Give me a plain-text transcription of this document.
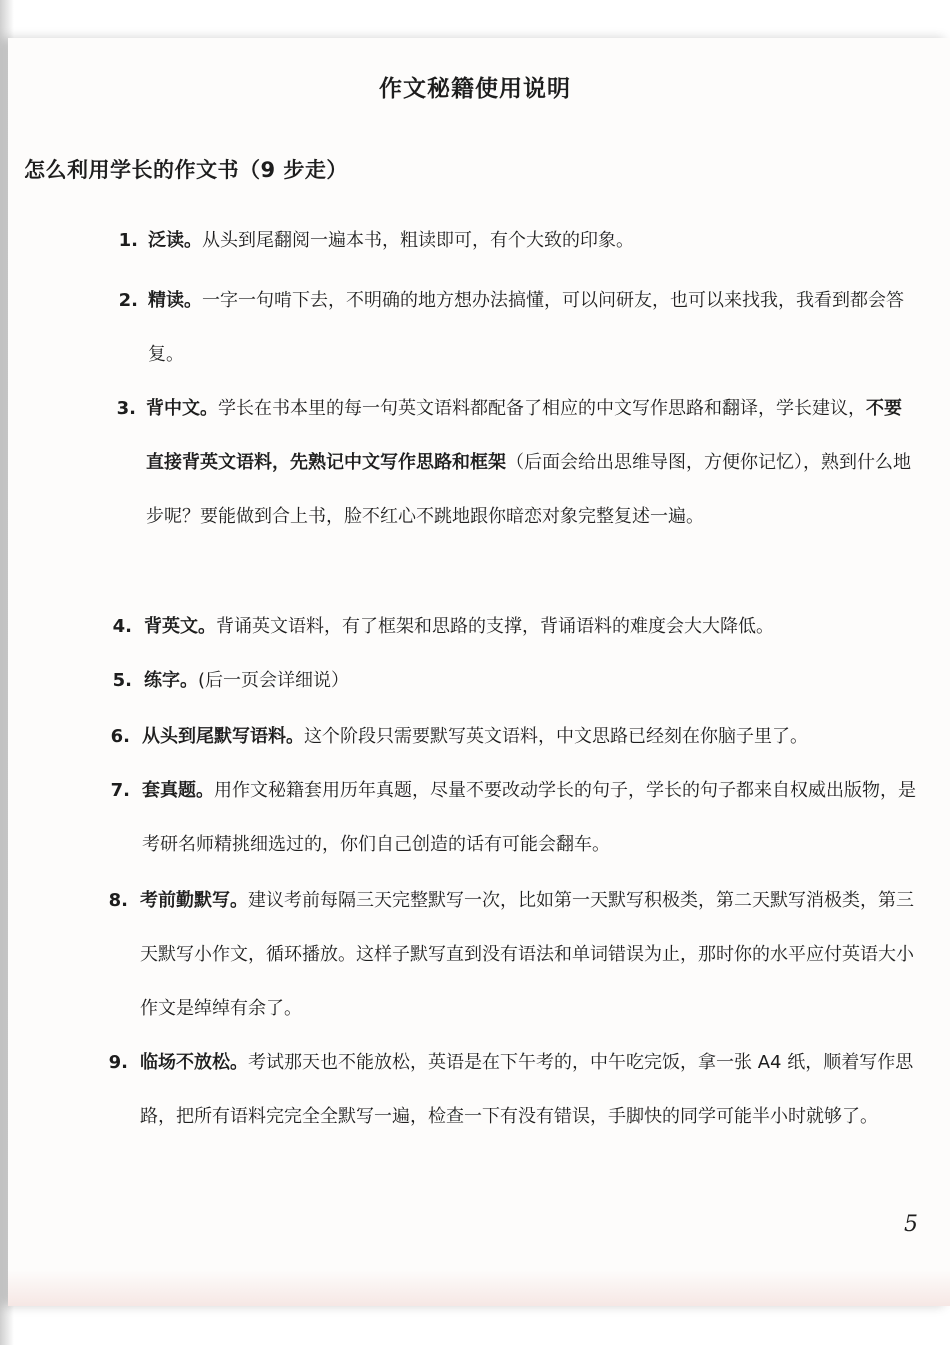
作文秘籍使用说明
怎么利用学长的作文书（9 步走）
1. 泛读。从头到尾翻阅一遍本书，粗读即可，有个大致的印象。
2. 精读。一字一句啃下去，不明确的地方想办法搞懂，可以问研友，也可以来找我，我看到都会答复。
3. 背中文。学长在书本里的每一句英文语料都配备了相应的中文写作思路和翻译，学长建议，不要直接背英文语料，先熟记中文写作思路和框架（后面会给出思维导图，方便你记忆），熟到什么地步呢？要能做到合上书，脸不红心不跳地跟你暗恋对象完整复述一遍。
4. 背英文。背诵英文语料，有了框架和思路的支撑，背诵语料的难度会大大降低。
5. 练字。(后一页会详细说）
6. 从头到尾默写语料。这个阶段只需要默写英文语料，中文思路已经刻在你脑子里了。
7. 套真题。用作文秘籍套用历年真题，尽量不要改动学长的句子，学长的句子都来自权威出版物，是考研名师精挑细选过的，你们自己创造的话有可能会翻车。
8. 考前勤默写。建议考前每隔三天完整默写一次，比如第一天默写积极类，第二天默写消极类，第三天默写小作文，循环播放。这样子默写直到没有语法和单词错误为止，那时你的水平应付英语大小作文是绰绰有余了。
9. 临场不放松。考试那天也不能放松，英语是在下午考的，中午吃完饭，拿一张 A4 纸，顺着写作思路，把所有语料完完全全默写一遍，检查一下有没有错误，手脚快的同学可能半小时就够了。
5
